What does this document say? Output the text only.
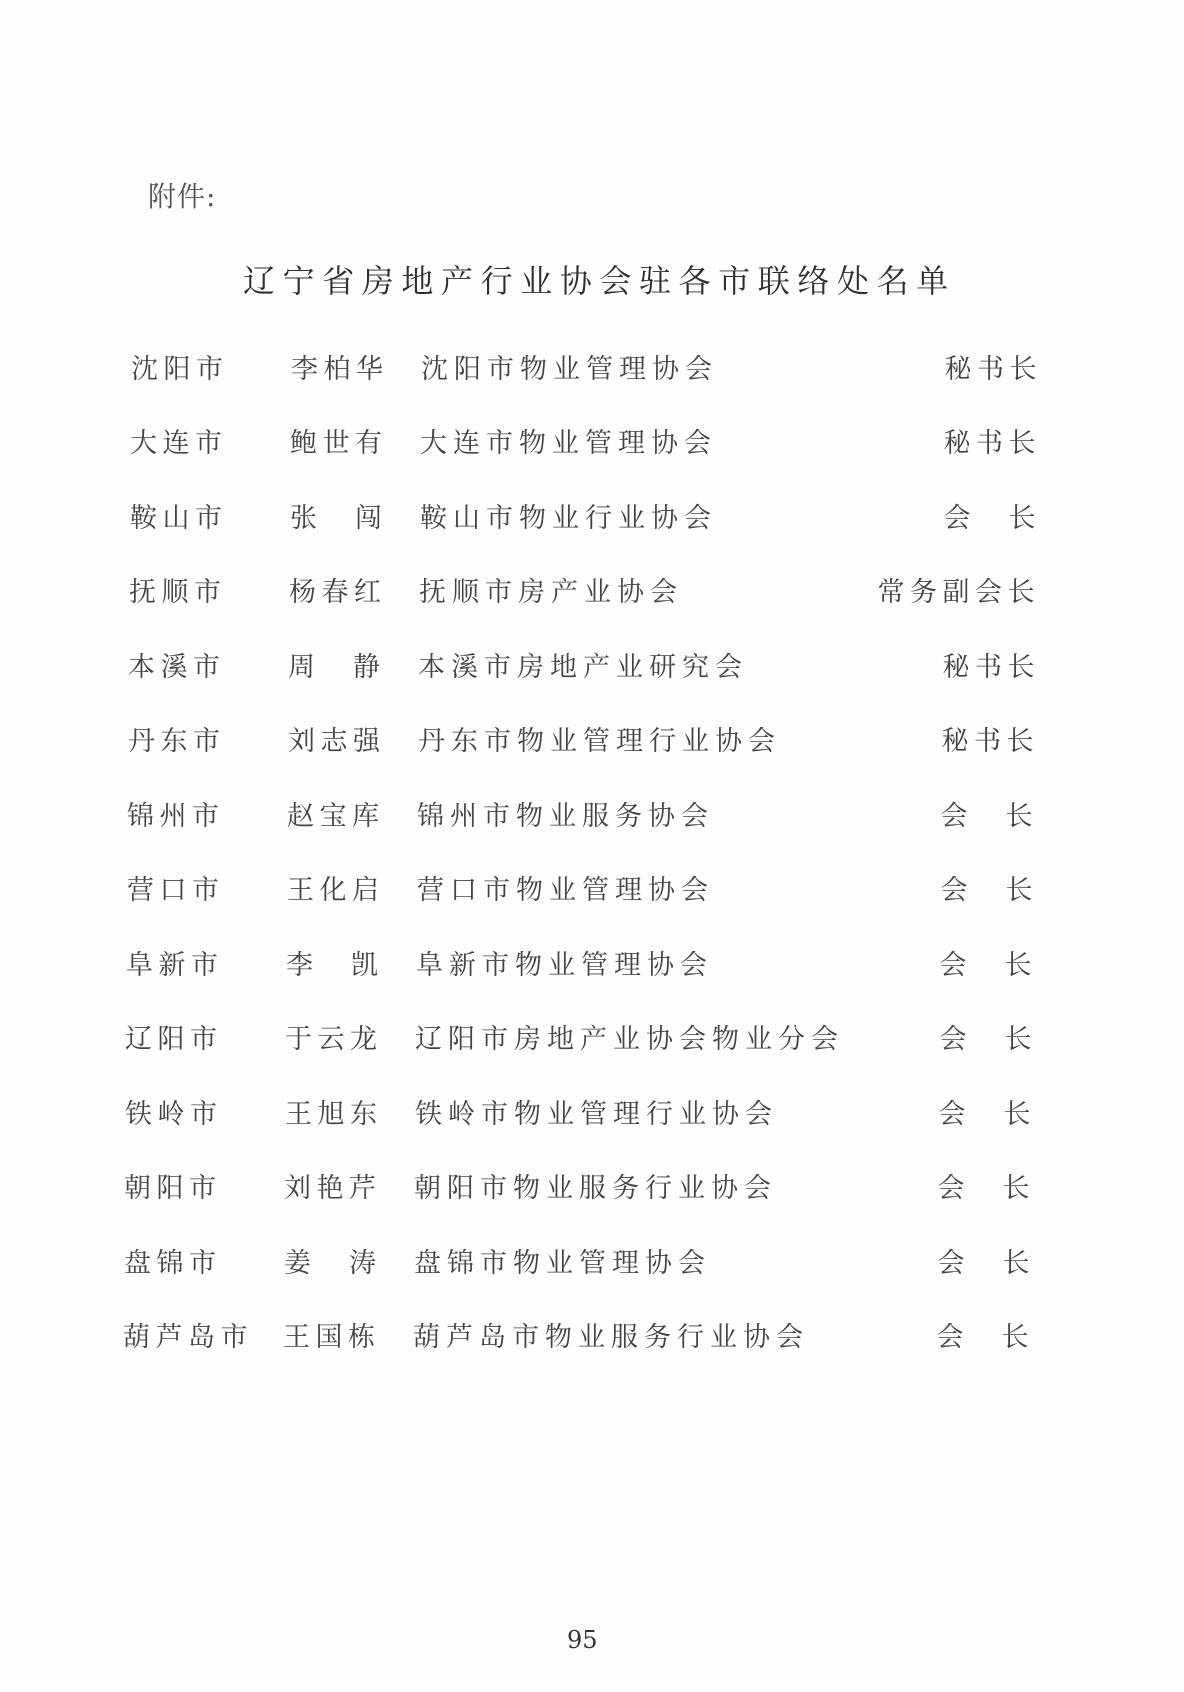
附件:
辽宁省房地产行业协会驻各市联络处名单
沈阳市 李柏华 沈阳市物业管理协会	秘书长
大连市 鲍世有 大连市物业管理协会	秘书长
鞍山市 张　闯 鞍山市物业行业协会	会　长
抚顺市 杨春红 抚顺市房产业协会	常务副会长
本溪市 周　静 本溪市房地产业研究会	秘书长
丹东市 刘志强 丹东市物业管理行业协会	秘书长
锦州市 赵宝库 锦州市物业服务协会	会　长
营口市 王化启 营口市物业管理协会	会　长
阜新市 李　凯 阜新市物业管理协会	会　长
辽阳市 于云龙 辽阳市房地产业协会物业分会	会　长
铁岭市 王旭东 铁岭市物业管理行业协会	会　长
朝阳市 刘艳芹 朝阳市物业服务行业协会	会　长
盘锦市 姜　涛 盘锦市物业管理协会	会　长
葫芦岛市 王国栋 葫芦岛市物业服务行业协会	会　长
95
